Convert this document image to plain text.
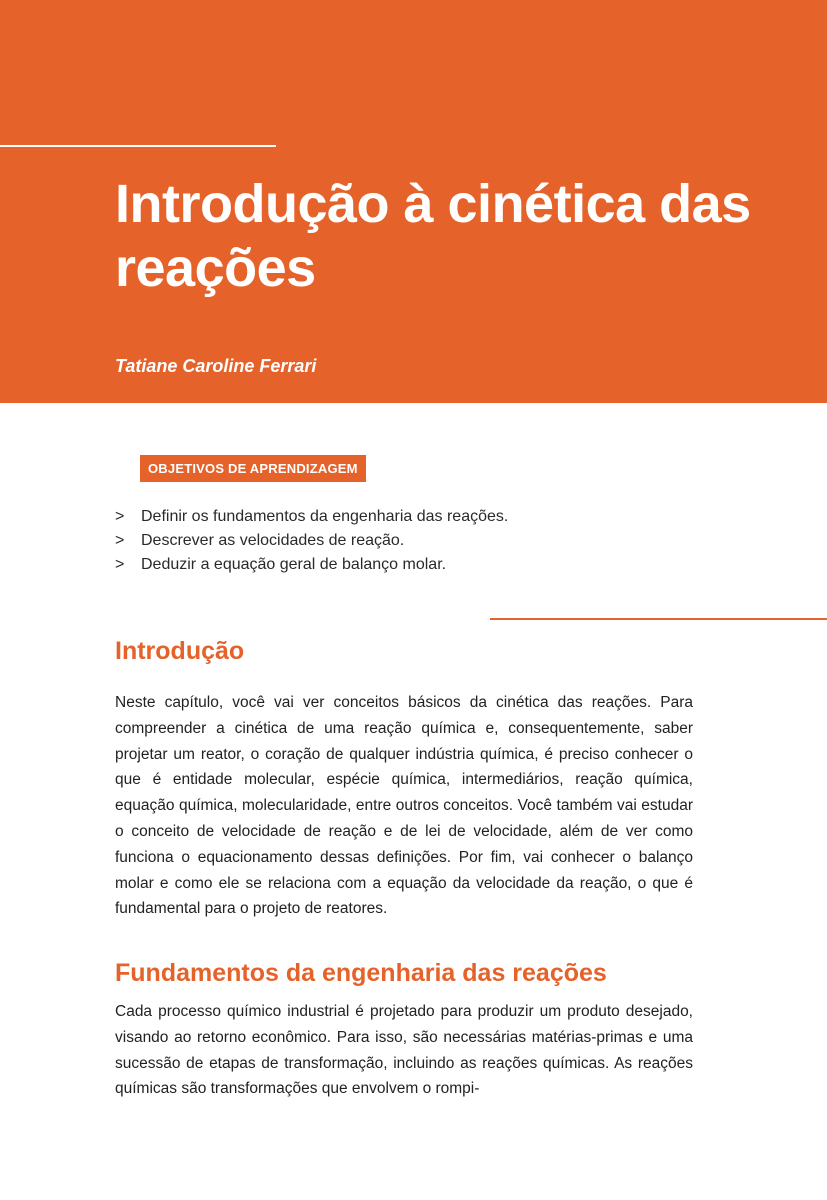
Introdução à cinética das reações

Tatiane Caroline Ferrari

OBJETIVOS DE APRENDIZAGEM
> Definir os fundamentos da engenharia das reações.
> Descrever as velocidades de reação.
> Deduzir a equação geral de balanço molar.
Introdução

Neste capítulo, você vai ver conceitos básicos da cinética das reações. Para compreender a cinética de uma reação química e, consequentemente, saber projetar um reator, o coração de qualquer indústria química, é preciso conhecer o que é entidade molecular, espécie química, intermediários, reação química, equação química, molecularidade, entre outros conceitos. Você também vai estudar o conceito de velocidade de reação e de lei de velocidade, além de ver como funciona o equacionamento dessas definições. Por fim, vai conhecer o balanço molar e como ele se relaciona com a equação da velocidade da reação, o que é fundamental para o projeto de reatores.

Fundamentos da engenharia das reações

Cada processo químico industrial é projetado para produzir um produto desejado, visando ao retorno econômico. Para isso, são necessárias matérias-primas e uma sucessão de etapas de transformação, incluindo as reações químicas. As reações químicas são transformações que envolvem o rompi-
